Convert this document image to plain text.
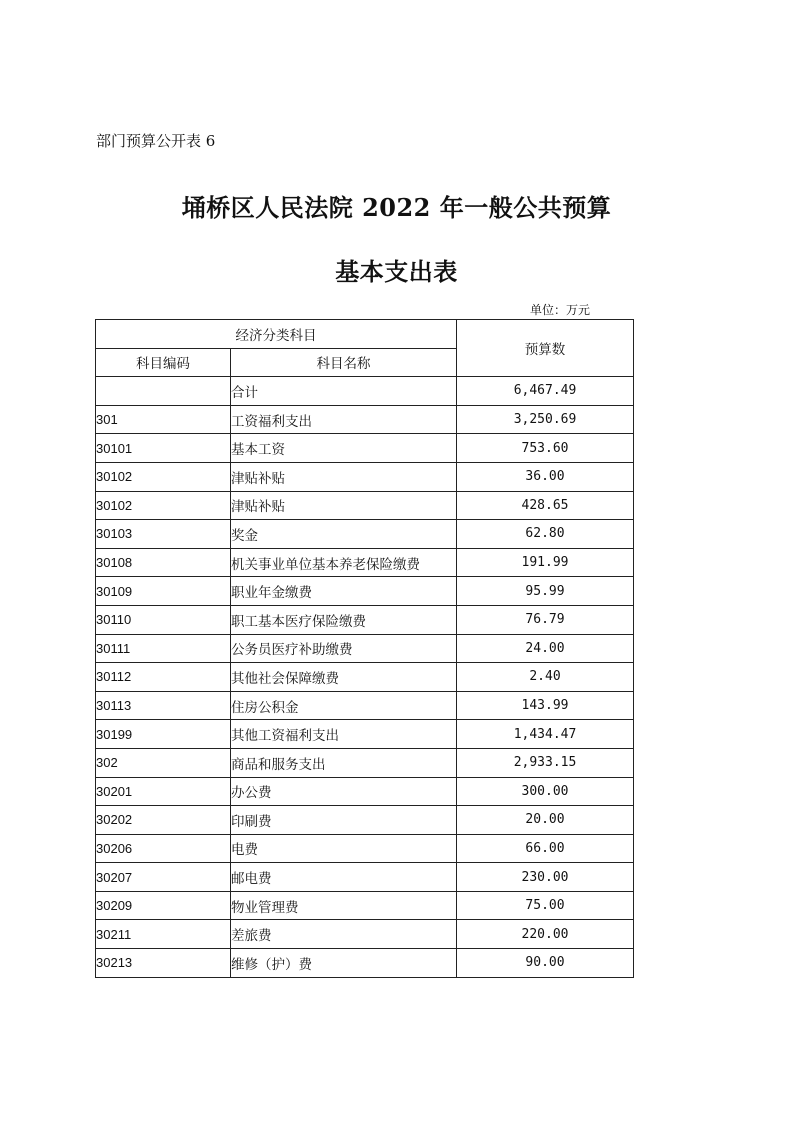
部门预算公开表 6
埇桥区人民法院 2022 年一般公共预算
基本支出表
单位：万元
经济分类科目		预算数
科目编码	科目名称	
	合计	6,467.49
301	工资福利支出	3,250.69
30101	基本工资	753.60
30102	津贴补贴	36.00
30102	津贴补贴	428.65
30103	奖金	62.80
30108	机关事业单位基本养老保险缴费	191.99
30109	职业年金缴费	95.99
30110	职工基本医疗保险缴费	76.79
30111	公务员医疗补助缴费	24.00
30112	其他社会保障缴费	2.40
30113	住房公积金	143.99
30199	其他工资福利支出	1,434.47
302	商品和服务支出	2,933.15
30201	办公费	300.00
30202	印刷费	20.00
30206	电费	66.00
30207	邮电费	230.00
30209	物业管理费	75.00
30211	差旅费	220.00
30213	维修（护）费	90.00
